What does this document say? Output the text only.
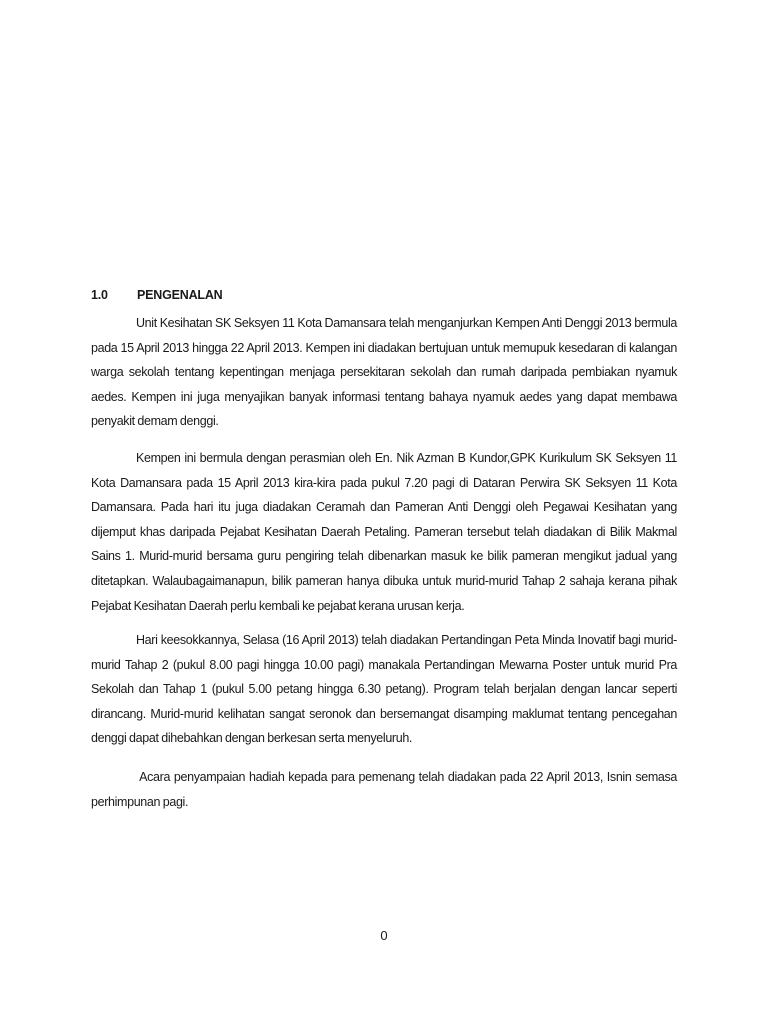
1.0 PENGENALAN

Unit Kesihatan SK Seksyen 11 Kota Damansara telah menganjurkan Kempen Anti Denggi 2013 bermula pada 15 April 2013 hingga 22 April 2013. Kempen ini diadakan bertujuan untuk memupuk kesedaran di kalangan warga sekolah tentang kepentingan menjaga persekitaran sekolah dan rumah daripada pembiakan nyamuk aedes. Kempen ini juga menyajikan banyak informasi tentang bahaya nyamuk aedes yang dapat membawa penyakit demam denggi.

Kempen ini bermula dengan perasmian oleh En. Nik Azman B Kundor,GPK Kurikulum SK Seksyen 11 Kota Damansara pada 15 April 2013 kira-kira pada pukul 7.20 pagi di Dataran Perwira SK Seksyen 11 Kota Damansara. Pada hari itu juga diadakan Ceramah dan Pameran Anti Denggi oleh Pegawai Kesihatan yang dijemput khas daripada Pejabat Kesihatan Daerah Petaling. Pameran tersebut telah diadakan di Bilik Makmal Sains 1. Murid-murid bersama guru pengiring telah dibenarkan masuk ke bilik pameran mengikut jadual yang ditetapkan. Walaubagaimanapun, bilik pameran hanya dibuka untuk murid-murid Tahap 2 sahaja kerana pihak Pejabat Kesihatan Daerah perlu kembali ke pejabat kerana urusan kerja.

Hari keesokkannya, Selasa (16 April 2013) telah diadakan Pertandingan Peta Minda Inovatif bagi murid-murid Tahap 2 (pukul 8.00 pagi hingga 10.00 pagi) manakala Pertandingan Mewarna Poster untuk murid Pra Sekolah dan Tahap 1 (pukul 5.00 petang hingga 6.30 petang). Program telah berjalan dengan lancar seperti dirancang. Murid-murid kelihatan sangat seronok dan bersemangat disamping maklumat tentang pencegahan denggi dapat dihebahkan dengan berkesan serta menyeluruh.

Acara penyampaian hadiah kepada para pemenang telah diadakan pada 22 April 2013, Isnin semasa perhimpunan pagi.

0
